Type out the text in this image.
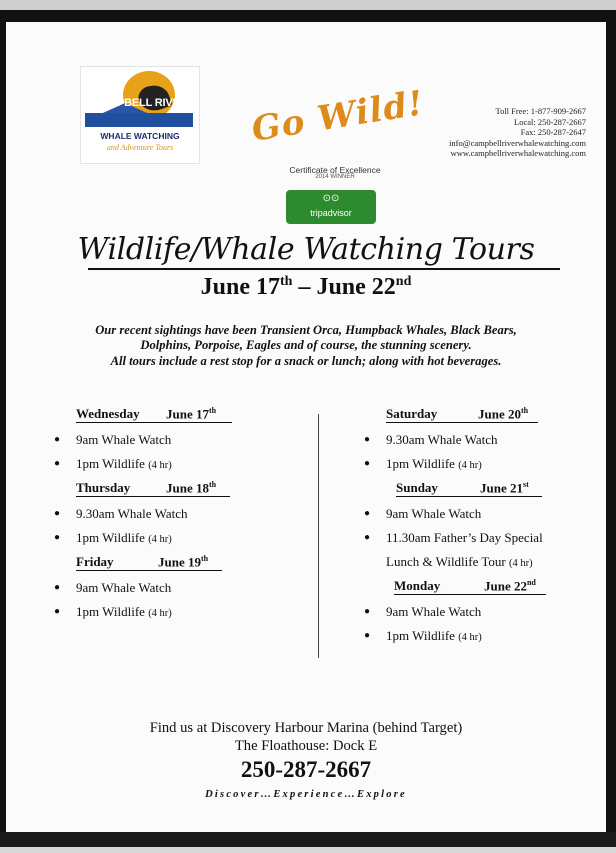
CAMPBELL RIVER
WHALE WATCHING
and Adventure Tours	Go Wild!
Certificate of Excellence
2014 WINNER
⊙⊙
tripadvisor
Toll Free: 1-877-909-2667
Local: 250-287-2667
Fax: 250-287-2647
info@campbellriverwhalewatching.com
www.campbellriverwhalewatching.com
Wildlife/Whale Watching Tours
June 17th – June 22nd
Our recent sightings have been Transient Orca, Humpback Whales, Black Bears,
Dolphins, Porpoise, Eagles and of course, the stunning scenery.
All tours include a rest stop for a snack or lunch; along with hot beverages.
Wednesday June 17th
● 9am Whale Watch
● 1pm Wildlife (4 hr)
Thursday	June 18th
● 9.30am Whale Watch
● 1pm Wildlife (4 hr)
Friday	June 19th
● 9am Whale Watch
● 1pm Wildlife (4 hr)
Saturday	June 20th
● 9.30am Whale Watch
● 1pm Wildlife (4 hr)
Sunday	June 21st
● 9am Whale Watch
● 11.30am Father’s Day Special
Lunch & Wildlife Tour (4 hr)
Monday	June 22nd
● 9am Whale Watch
● 1pm Wildlife (4 hr)
Find us at Discovery Harbour Marina (behind Target)
The Floathouse: Dock E
250-287-2667
Discover…Experience…Explore
